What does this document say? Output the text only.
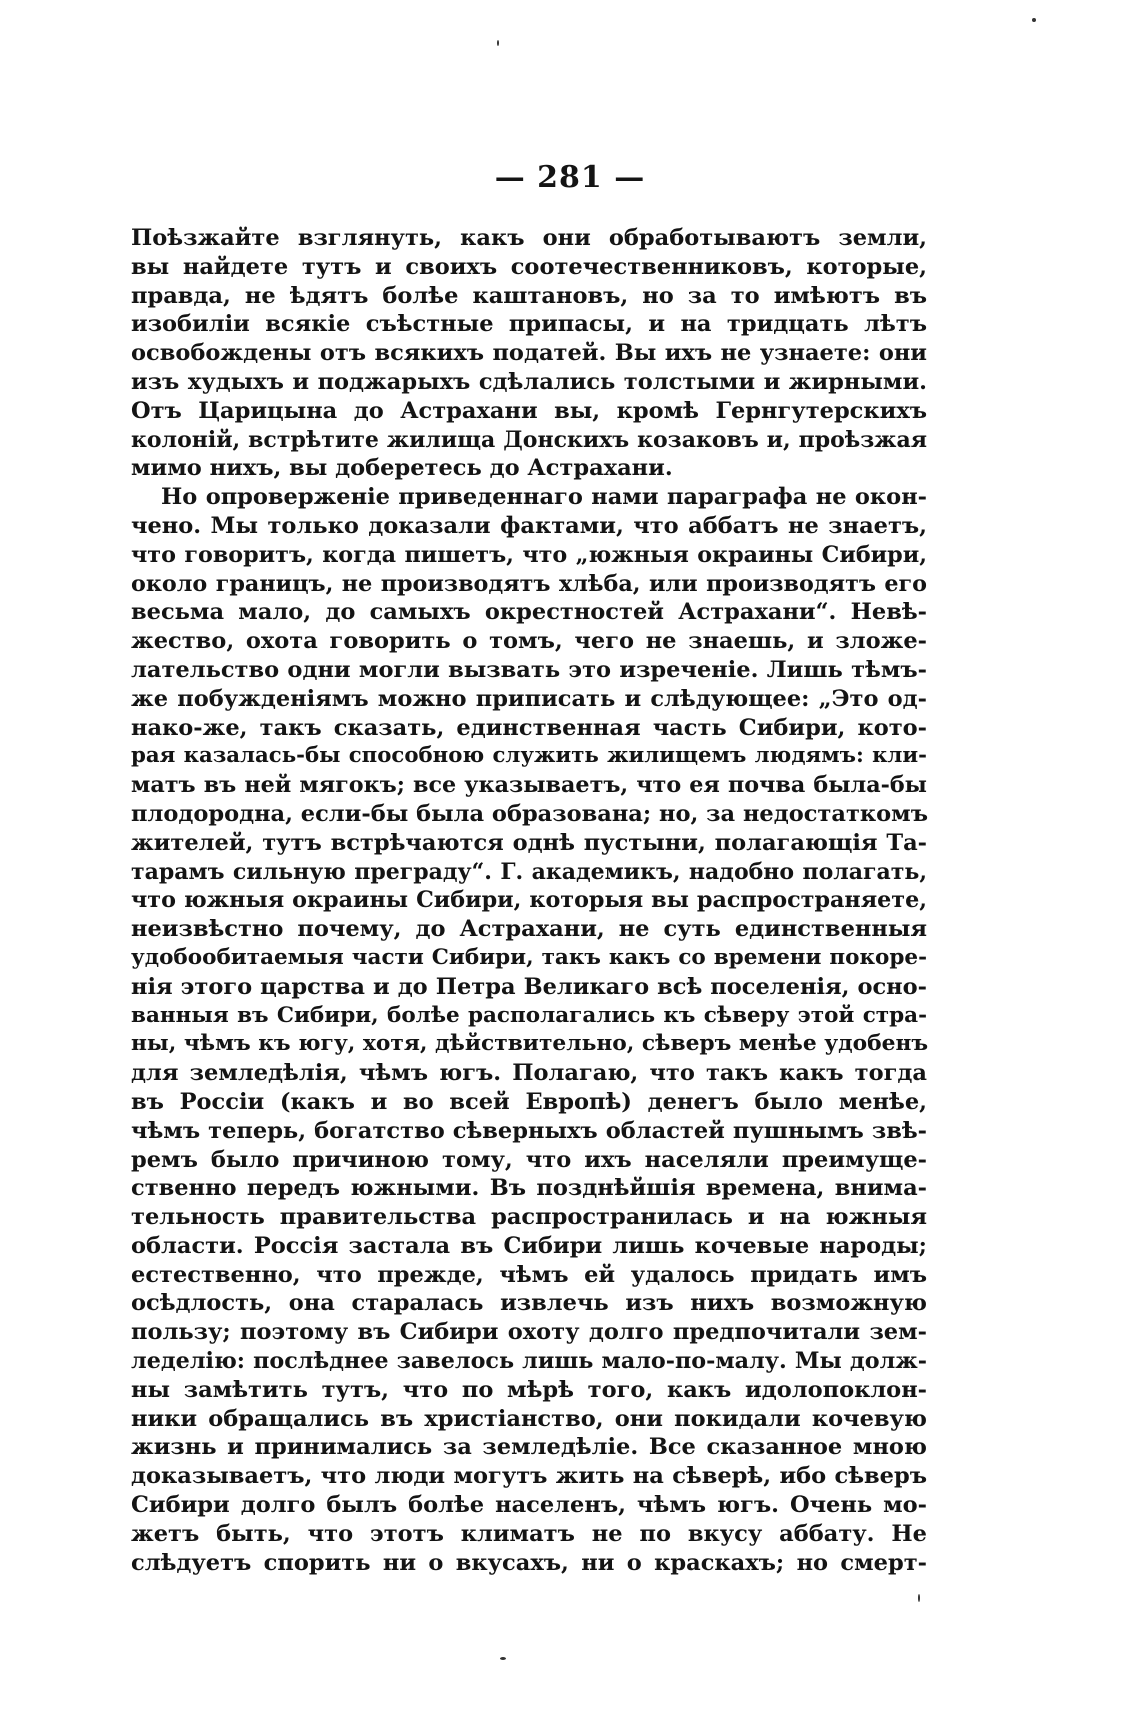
— 281 —
Поѣзжайте взглянуть, какъ они обработываютъ земли,
вы найдете тутъ и своихъ соотечественниковъ, которые,
правда, не ѣдятъ болѣе каштановъ, но за то имѣютъ въ
изобиліи всякіе съѣстные припасы, и на тридцать лѣтъ
освобождены отъ всякихъ податей. Вы ихъ не узнаете: они
изъ худыхъ и поджарыхъ сдѣлались толстыми и жирными.
Отъ Царицына до Астрахани вы, кромѣ Гернгутерскихъ
колоній, встрѣтите жилища Донскихъ козаковъ и, проѣзжая
мимо нихъ, вы доберетесь до Астрахани.
Но опроверженіе приведеннаго нами параграфа не окон-
чено. Мы только доказали фактами, что аббатъ не знаетъ,
что говоритъ, когда пишетъ, что „южныя окраины Сибири,
около границъ, не производятъ хлѣба, или производятъ его
весьма мало, до самыхъ окрестностей Астрахани“. Невѣ-
жество, охота говорить о томъ, чего не знаешь, и зложе-
лательство одни могли вызвать это изреченіе. Лишь тѣмъ-
же побужденіямъ можно приписать и слѣдующее: „Это од-
нако-же, такъ сказать, единственная часть Сибири, кото-
рая казалась-бы способною служить жилищемъ людямъ: кли-
матъ въ ней мягокъ; все указываетъ, что ея почва была-бы
плодородна, если-бы была образована; но, за недостаткомъ
жителей, тутъ встрѣчаются однѣ пустыни, полагающія Та-
тарамъ сильную преграду“. Г. академикъ, надобно полагать,
что южныя окраины Сибири, которыя вы распространяете,
неизвѣстно почему, до Астрахани, не суть единственныя
удобообитаемыя части Сибири, такъ какъ со времени покоре-
нія этого царства и до Петра Великаго всѣ поселенія, осно-
ванныя въ Сибири, болѣе располагались къ сѣверу этой стра-
ны, чѣмъ къ югу, хотя, дѣйствительно, сѣверъ менѣе удобенъ
для земледѣлія, чѣмъ югъ. Полагаю, что такъ какъ тогда
въ Россіи (какъ и во всей Европѣ) денегъ было менѣе,
чѣмъ теперь, богатство сѣверныхъ областей пушнымъ звѣ-
ремъ было причиною тому, что ихъ населяли преимуще-
ственно передъ южными. Въ позднѣйшія времена, внима-
тельность правительства распространилась и на южныя
области. Россія застала въ Сибири лишь кочевые народы;
естественно, что прежде, чѣмъ ей удалось придать имъ
осѣдлость, она старалась извлечь изъ нихъ возможную
пользу; поэтому въ Сибири охоту долго предпочитали зем-
леделію: послѣднее завелось лишь мало-по-малу. Мы долж-
ны замѣтить тутъ, что по мѣрѣ того, какъ идолопоклон-
ники обращались въ христіанство, они покидали кочевую
жизнь и принимались за земледѣліе. Все сказанное мною
доказываетъ, что люди могутъ жить на сѣверѣ, ибо сѣверъ
Сибири долго былъ болѣе населенъ, чѣмъ югъ. Очень мо-
жетъ быть, что этотъ климатъ не по вкусу аббату. Не
слѣдуетъ спорить ни о вкусахъ, ни о краскахъ; но смерт-
